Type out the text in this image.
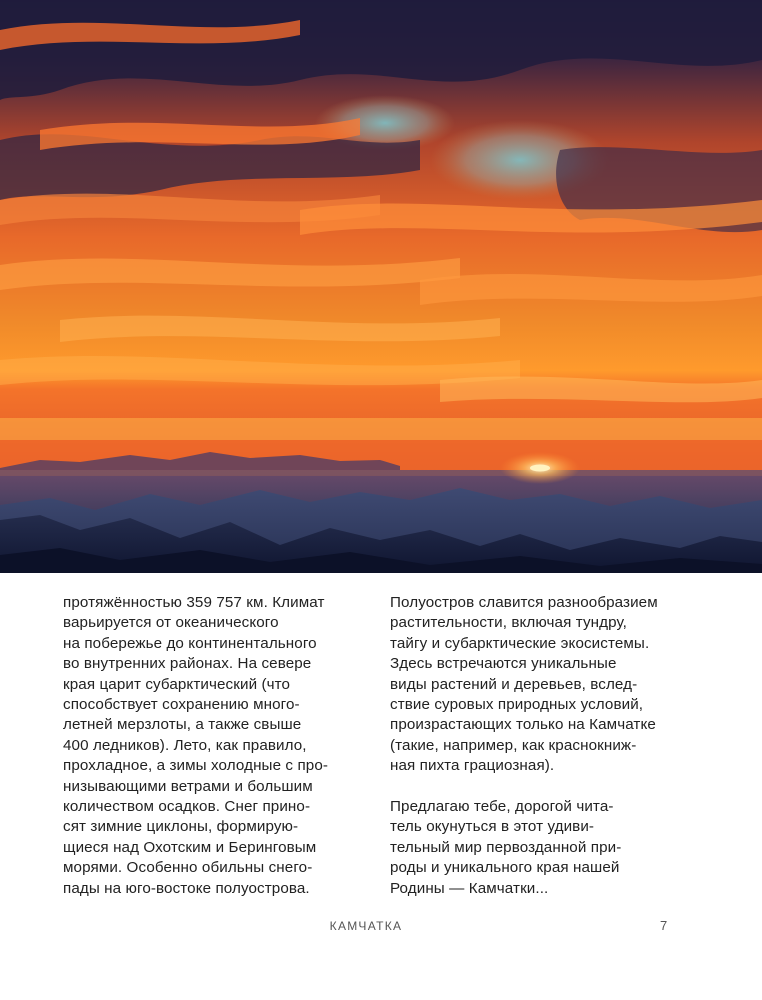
протяжённостью 359 757 км. Климат
варьируется от океанического
на побережье до континентального
во внутренних районах. На севере
края царит субарктический (что
способствует сохранению много-
летней мерзлоты, а также свыше
400 ледников). Лето, как правило,
прохладное, а зимы холодные с про-
низывающими ветрами и большим
количеством осадков. Снег прино-
сят зимние циклоны, формирую-
щиеся над Охотским и Беринговым
морями. Особенно обильны снего-
пады на юго-востоке полуострова.
Полуостров славится разнообразием
растительности, включая тундру,
тайгу и субарктические экосистемы.
Здесь встречаются уникальные
виды растений и деревьев, вслед-
ствие суровых природных условий,
произрастающих только на Камчатке
(такие, например, как краснокниж-
ная пихта грациозная).
Предлагаю тебе, дорогой чита-
тель окунуться в этот удиви-
тельный мир первозданной при-
роды и уникального края нашей
Родины — Камчатки...
КАМЧАТКА	7
